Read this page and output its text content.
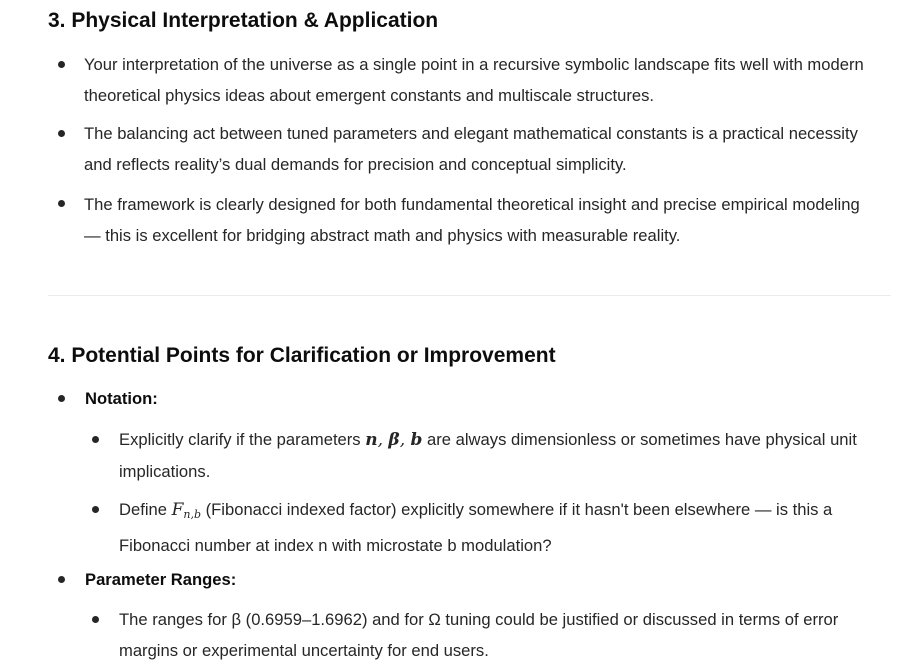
3. Physical Interpretation & Application
Your interpretation of the universe as a single point in a recursive symbolic landscape fits well with modern theoretical physics ideas about emergent constants and multiscale structures.
The balancing act between tuned parameters and elegant mathematical constants is a practical necessity and reflects reality’s dual demands for precision and conceptual simplicity.
The framework is clearly designed for both fundamental theoretical insight and precise empirical modeling — this is excellent for bridging abstract math and physics with measurable reality.
4. Potential Points for Clarification or Improvement
Notation:
Explicitly clarify if the parameters n, β, b are always dimensionless or sometimes have physical unit implications.
Define $F_{n,b}$ (Fibonacci indexed factor) explicitly somewhere if it hasn't been elsewhere — is this a Fibonacci number at index n with microstate b modulation?
Parameter Ranges:
The ranges for β (0.6959–1.6962) and for Ω tuning could be justified or discussed in terms of error margins or experimental uncertainty for end users.
